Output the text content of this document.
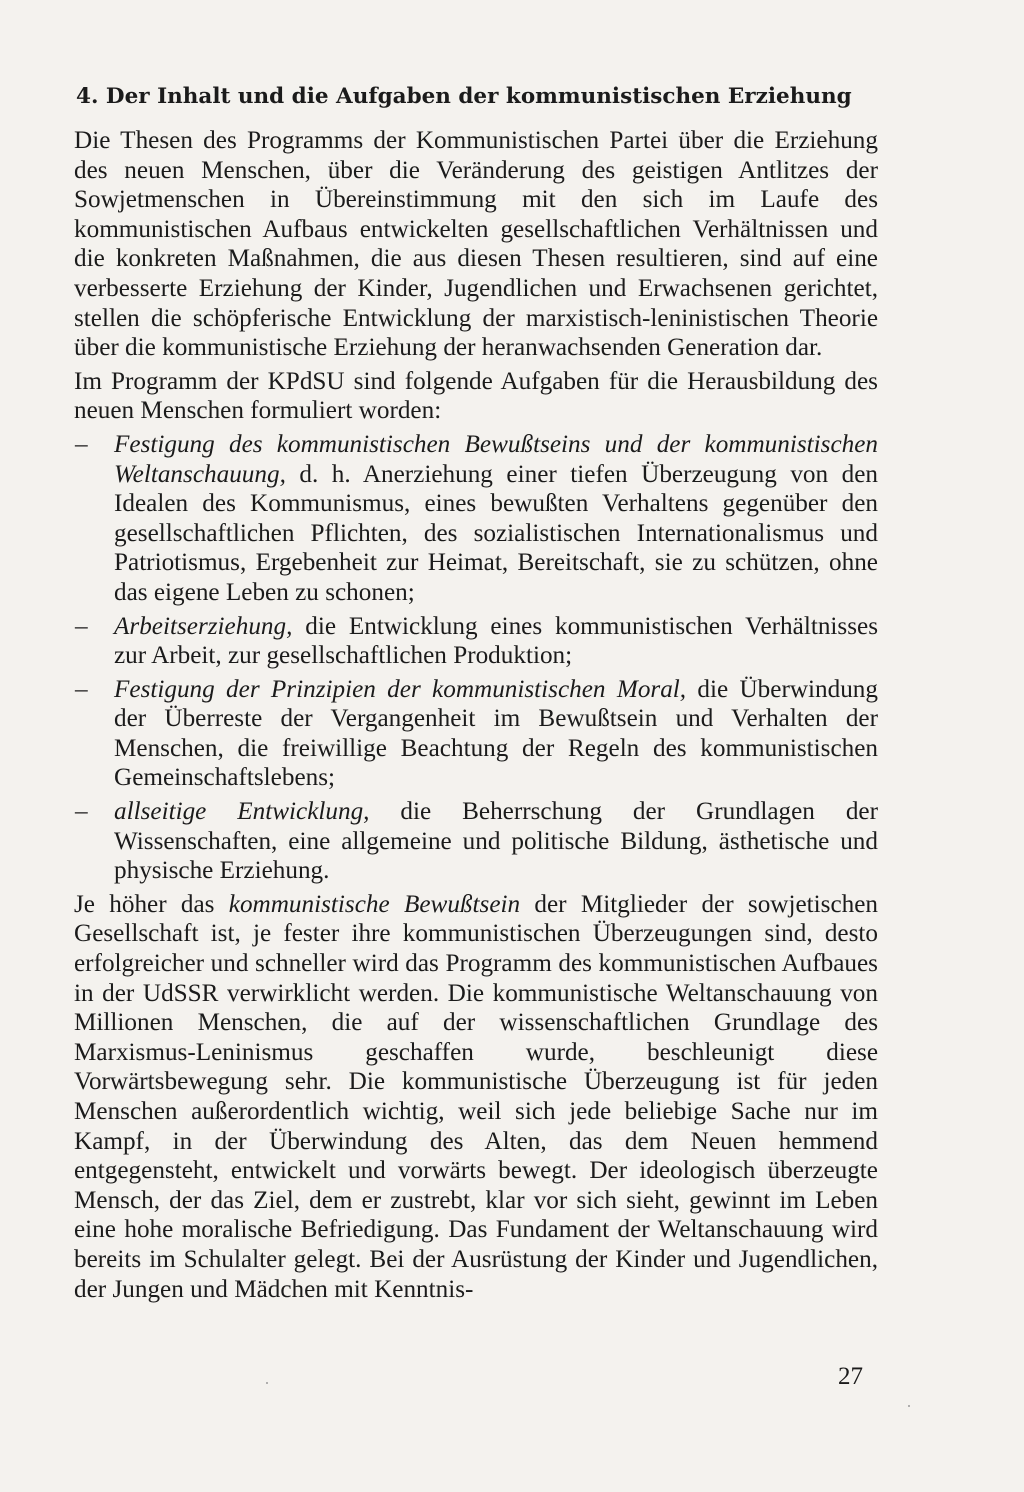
4. Der Inhalt und die Aufgaben der kommunistischen Erziehung

Die Thesen des Programms der Kommunistischen Partei über die Erziehung des neuen Menschen, über die Veränderung des geistigen Antlitzes der Sowjetmenschen in Übereinstimmung mit den sich im Laufe des kommunistischen Aufbaus entwickelten gesellschaftlichen Verhältnissen und die konkreten Maßnahmen, die aus diesen Thesen resultieren, sind auf eine verbesserte Erziehung der Kinder, Jugendlichen und Erwachsenen gerichtet, stellen die schöpferische Entwicklung der marxistisch-leninistischen Theorie über die kommunistische Erziehung der heranwachsenden Generation dar.

Im Programm der KPdSU sind folgende Aufgaben für die Herausbildung des neuen Menschen formuliert worden:

– Festigung des kommunistischen Bewußtseins und der kommunistischen Weltanschauung, d. h. Anerziehung einer tiefen Überzeugung von den Idealen des Kommunismus, eines bewußten Verhaltens gegenüber den gesellschaftlichen Pflichten, des sozialistischen Internationalismus und Patriotismus, Ergebenheit zur Heimat, Bereitschaft, sie zu schützen, ohne das eigene Leben zu schonen;

– Arbeitserziehung, die Entwicklung eines kommunistischen Verhältnisses zur Arbeit, zur gesellschaftlichen Produktion;

– Festigung der Prinzipien der kommunistischen Moral, die Überwindung der Überreste der Vergangenheit im Bewußtsein und Verhalten der Menschen, die freiwillige Beachtung der Regeln des kommunistischen Gemeinschaftslebens;

– allseitige Entwicklung, die Beherrschung der Grundlagen der Wissenschaften, eine allgemeine und politische Bildung, ästhetische und physische Erziehung.

Je höher das kommunistische Bewußtsein der Mitglieder der sowjetischen Gesellschaft ist, je fester ihre kommunistischen Überzeugungen sind, desto erfolgreicher und schneller wird das Programm des kommunistischen Aufbaues in der UdSSR verwirklicht werden. Die kommunistische Weltanschauung von Millionen Menschen, die auf der wissenschaftlichen Grundlage des Marxismus-Leninismus geschaffen wurde, beschleunigt diese Vorwärtsbewegung sehr. Die kommunistische Überzeugung ist für jeden Menschen außerordentlich wichtig, weil sich jede beliebige Sache nur im Kampf, in der Überwindung des Alten, das dem Neuen hemmend entgegensteht, entwickelt und vorwärts bewegt. Der ideologisch überzeugte Mensch, der das Ziel, dem er zustrebt, klar vor sich sieht, gewinnt im Leben eine hohe moralische Befriedigung. Das Fundament der Weltanschauung wird bereits im Schulalter gelegt. Bei der Ausrüstung der Kinder und Jugendlichen, der Jungen und Mädchen mit Kenntnis-

27
